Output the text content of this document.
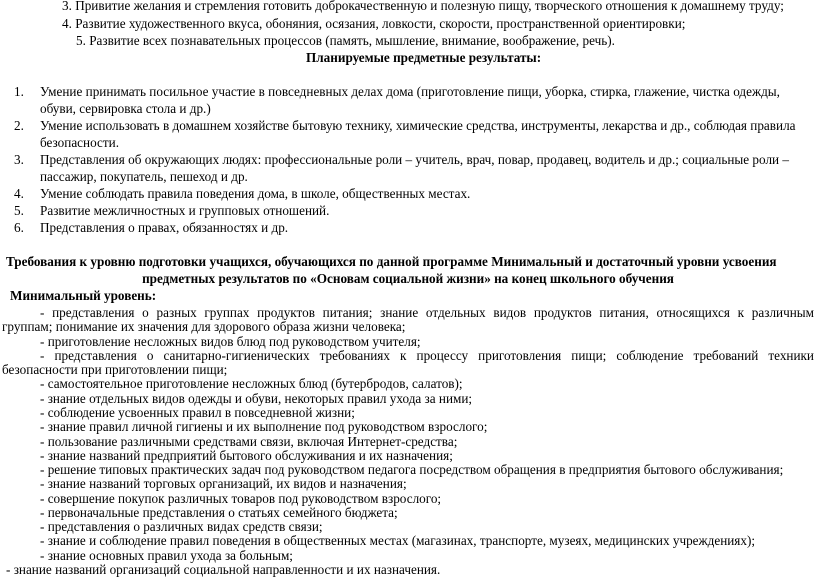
3. Привитие желания и стремления готовить доброкачественную и полезную пищу, творческого отношения к домашнему труду;
4. Развитие художественного вкуса, обоняния, осязания, ловкости, скорости, пространственной ориентировки;
5. Развитие всех познавательных процессов (память, мышление, внимание, воображение, речь).
Планируемые предметные результаты:
1. Умение принимать посильное участие в повседневных делах дома (приготовление пищи, уборка, стирка, глажение, чистка одежды,
обуви, сервировка стола и др.)
2. Умение использовать в домашнем хозяйстве бытовую технику, химические средства, инструменты, лекарства и др., соблюдая правила
безопасности.
3. Представления об окружающих людях: профессиональные роли – учитель, врач, повар, продавец, водитель и др.; социальные роли –
пассажир, покупатель, пешеход и др.
4. Умение соблюдать правила поведения дома, в школе, общественных местах.
5. Развитие межличностных и групповых отношений.
6. Представления о правах, обязанностях и др.
Требования к уровню подготовки учащихся, обучающихся по данной программе Минимальный и достаточный уровни усвоения
предметных результатов по «Основам социальной жизни» на конец школьного обучения
Минимальный уровень:
- представления о разных группах продуктов питания; знание отдельных видов продуктов питания, относящихся к различным
группам; понимание их значения для здорового образа жизни человека;
- приготовление несложных видов блюд под руководством учителя;
- представления о санитарно-гигиенических требованиях к процессу приготовления пищи; соблюдение требований техники
безопасности при приготовлении пищи;
- самостоятельное приготовление несложных блюд (бутербродов, салатов);
- знание отдельных видов одежды и обуви, некоторых правил ухода за ними;
- соблюдение усвоенных правил в повседневной жизни;
- знание правил личной гигиены и их выполнение под руководством взрослого;
- пользование различными средствами связи, включая Интернет-средства;
- знание названий предприятий бытового обслуживания и их назначения;
- решение типовых практических задач под руководством педагога посредством обращения в предприятия бытового обслуживания;
- знание названий торговых организаций, их видов и назначения;
- совершение покупок различных товаров под руководством взрослого;
- первоначальные представления о статьях семейного бюджета;
- представления о различных видах средств связи;
- знание и соблюдение правил поведения в общественных местах (магазинах, транспорте, музеях, медицинских учреждениях);
- знание основных правил ухода за больным;
- знание названий организаций социальной направленности и их назначения.
